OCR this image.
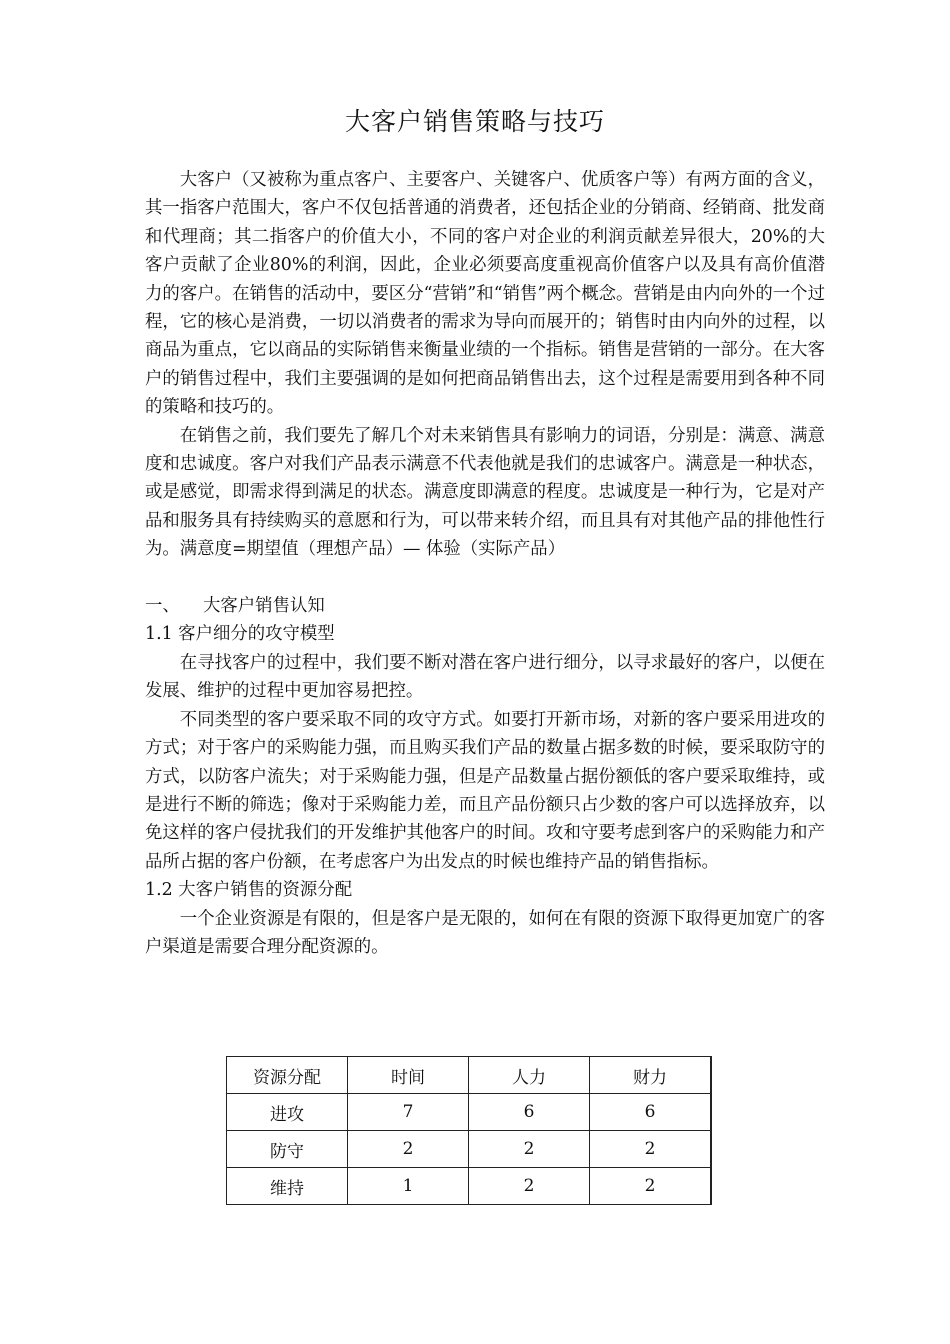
大客户销售策略与技巧

大客户（又被称为重点客户、主要客户、关键客户、优质客户等）有两方面的含义，其一指客户范围大，客户不仅包括普通的消费者，还包括企业的分销商、经销商、批发商和代理商；其二指客户的价值大小，不同的客户对企业的利润贡献差异很大，20%的大客户贡献了企业80%的利润，因此，企业必须要高度重视高价值客户以及具有高价值潜力的客户。在销售的活动中，要区分“营销”和“销售”两个概念。营销是由内向外的一个过程，它的核心是消费，一切以消费者的需求为导向而展开的；销售时由内向外的过程，以商品为重点，它以商品的实际销售来衡量业绩的一个指标。销售是营销的一部分。在大客户的销售过程中，我们主要强调的是如何把商品销售出去，这个过程是需要用到各种不同的策略和技巧的。

在销售之前，我们要先了解几个对未来销售具有影响力的词语，分别是：满意、满意度和忠诚度。客户对我们产品表示满意不代表他就是我们的忠诚客户。满意是一种状态，或是感觉，即需求得到满足的状态。满意度即满意的程度。忠诚度是一种行为，它是对产品和服务具有持续购买的意愿和行为，可以带来转介绍，而且具有对其他产品的排他性行为。满意度=期望值（理想产品）— 体验（实际产品）

一、 大客户销售认知

1.1 客户细分的攻守模型

在寻找客户的过程中，我们要不断对潜在客户进行细分，以寻求最好的客户，以便在发展、维护的过程中更加容易把控。

不同类型的客户要采取不同的攻守方式。如要打开新市场，对新的客户要采用进攻的方式；对于客户的采购能力强，而且购买我们产品的数量占据多数的时候，要采取防守的方式，以防客户流失；对于采购能力强，但是产品数量占据份额低的客户要采取维持，或是进行不断的筛选；像对于采购能力差，而且产品份额只占少数的客户可以选择放弃，以免这样的客户侵扰我们的开发维护其他客户的时间。攻和守要考虑到客户的采购能力和产品所占据的客户份额，在考虑客户为出发点的时候也维持产品的销售指标。

1.2 大客户销售的资源分配

一个企业资源是有限的，但是客户是无限的，如何在有限的资源下取得更加宽广的客户渠道是需要合理分配资源的。

资源分配	时间	人力	财力
进攻	7	6	6
防守	2	2	2
维持	1	2	2
